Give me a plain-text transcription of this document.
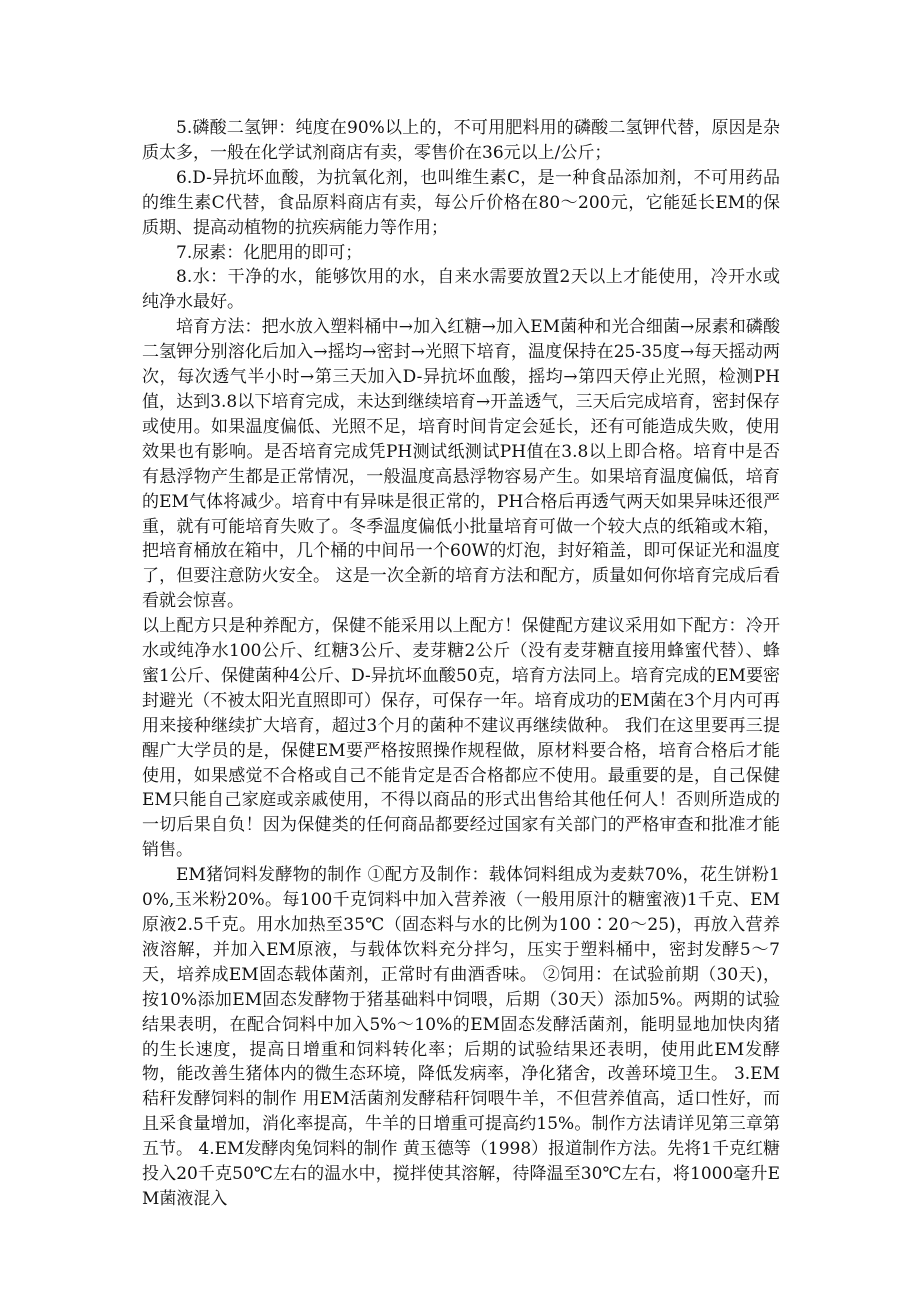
5.磷酸二氢钾：纯度在90%以上的，不可用肥料用的磷酸二氢钾代替，原因是杂质太多，一般在化学试剂商店有卖，零售价在36元以上/公斤；

6.D-异抗坏血酸，为抗氧化剂，也叫维生素C，是一种食品添加剂，不可用药品的维生素C代替，食品原料商店有卖，每公斤价格在80～200元，它能延长EM的保质期、提高动植物的抗疾病能力等作用；

7.尿素：化肥用的即可；

8.水：干净的水，能够饮用的水，自来水需要放置2天以上才能使用，冷开水或纯净水最好。

培育方法：把水放入塑料桶中→加入红糖→加入EM菌种和光合细菌→尿素和磷酸二氢钾分别溶化后加入→摇均→密封→光照下培育，温度保持在25-35度→每天摇动两次，每次透气半小时→第三天加入D-异抗坏血酸，摇均→第四天停止光照，检测PH值，达到3.8以下培育完成，未达到继续培育→开盖透气，三天后完成培育，密封保存或使用。如果温度偏低、光照不足，培育时间肯定会延长，还有可能造成失败，使用效果也有影响。是否培育完成凭PH测试纸测试PH值在3.8以上即合格。培育中是否有悬浮物产生都是正常情况，一般温度高悬浮物容易产生。如果培育温度偏低，培育的EM气体将减少。培育中有异味是很正常的，PH合格后再透气两天如果异味还很严重，就有可能培育失败了。冬季温度偏低小批量培育可做一个较大点的纸箱或木箱，把培育桶放在箱中，几个桶的中间吊一个60W的灯泡，封好箱盖，即可保证光和温度了，但要注意防火安全。 这是一次全新的培育方法和配方，质量如何你培育完成后看看就会惊喜。

以上配方只是种养配方，保健不能采用以上配方！保健配方建议采用如下配方：冷开水或纯净水100公斤、红糖3公斤、麦芽糖2公斤（没有麦芽糖直接用蜂蜜代替）、蜂蜜1公斤、保健菌种4公斤、D-异抗坏血酸50克，培育方法同上。培育完成的EM要密封避光（不被太阳光直照即可）保存，可保存一年。培育成功的EM菌在3个月内可再用来接种继续扩大培育，超过3个月的菌种不建议再继续做种。 我们在这里要再三提醒广大学员的是，保健EM要严格按照操作规程做，原材料要合格，培育合格后才能使用，如果感觉不合格或自己不能肯定是否合格都应不使用。最重要的是，自己保健EM只能自己家庭或亲戚使用，不得以商品的形式出售给其他任何人！否则所造成的一切后果自负！因为保健类的任何商品都要经过国家有关部门的严格审查和批准才能销售。

EM猪饲料发酵物的制作 ①配方及制作：载体饲料组成为麦麸70%，花生饼粉10%,玉米粉20%。每100千克饲料中加入营养液（一般用原汁的糖蜜液)1千克、EM原液2.5千克。用水加热至35℃（固态料与水的比例为100∶20～25)，再放入营养液溶解，并加入EM原液，与载体饮料充分拌匀，压实于塑料桶中，密封发酵5～7天，培养成EM固态载体菌剂，正常时有曲酒香味。 ②饲用：在试验前期（30天)，按10%添加EM固态发酵物于猪基础料中饲喂，后期（30天）添加5%。两期的试验结果表明，在配合饲料中加入5%～10%的EM固态发酵活菌剂，能明显地加快肉猪的生长速度，提高日增重和饲料转化率；后期的试验结果还表明，使用此EM发酵物，能改善生猪体内的微生态环境，降低发病率，净化猪舍，改善环境卫生。 3.EM秸秆发酵饲料的制作 用EM活菌剂发酵秸秆饲喂牛羊，不但营养值高，适口性好，而且采食量增加，消化率提高，牛羊的日增重可提高约15%。制作方法请详见第三章第五节。 4.EM发酵肉兔饲料的制作 黄玉德等（1998）报道制作方法。先将1千克红糖投入20千克50℃左右的温水中，搅拌使其溶解，待降温至30℃左右，将1000毫升EM菌液混入
